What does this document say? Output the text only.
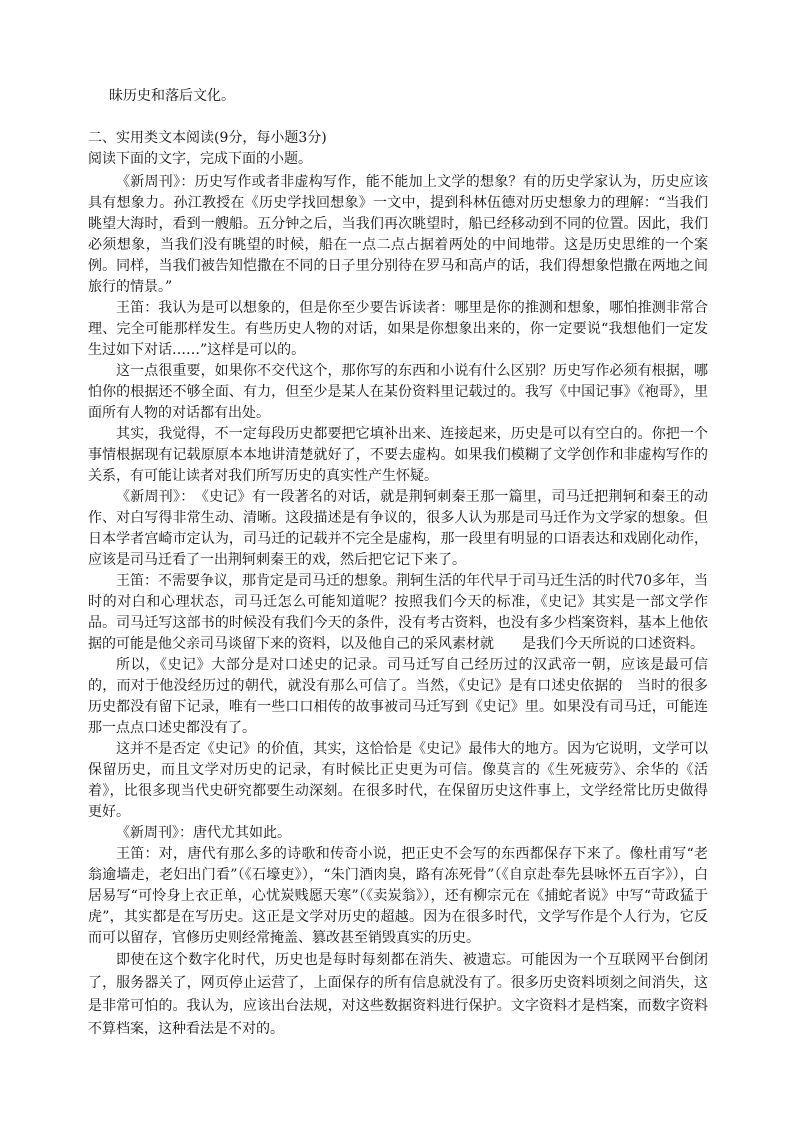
昧历史和落后文化。

二、实用类文本阅读(9分，每小题3分)

阅读下面的文字，完成下面的小题。

《新周刊》：历史写作或者非虚构写作，能不能加上文学的想象？有的历史学家认为，历史应该具有想象力。孙江教授在《历史学找回想象》一文中，提到科林伍德对历史想象力的理解：“当我们眺望大海时，看到一艘船。五分钟之后，当我们再次眺望时，船已经移动到不同的位置。因此，我们必须想象，当我们没有眺望的时候，船在一点二点占据着两处的中间地带。这是历史思维的一个案例。同样，当我们被告知恺撒在不同的日子里分别待在罗马和高卢的话，我们得想象恺撒在两地之间旅行的情景。”

王笛：我认为是可以想象的，但是你至少要告诉读者：哪里是你的推测和想象，哪怕推测非常合理、完全可能那样发生。有些历史人物的对话，如果是你想象出来的，你一定要说“我想他们一定发生过如下对话……”这样是可以的。

这一点很重要，如果你不交代这个，那你写的东西和小说有什么区别？历史写作必须有根据，哪怕你的根据还不够全面、有力，但至少是某人在某份资料里记载过的。我写《中国记事》《袍哥》，里面所有人物的对话都有出处。

其实，我觉得，不一定每段历史都要把它填补出来、连接起来，历史是可以有空白的。你把一个事情根据现有记载原原本本地讲清楚就好了，不要去虚构。如果我们模糊了文学创作和非虚构写作的关系，有可能让读者对我们所写历史的真实性产生怀疑。

《新周刊》：　《史记》有一段著名的对话，就是荆轲刺秦王那一篇里，司马迁把荆轲和秦王的动作、对白写得非常生动、清晰。这段描述是有争议的，很多人认为那是司马迁作为文学家的想象。但日本学者宫崎市定认为，司马迁的记载并不完全是虚构，那一段里有明显的口语表达和戏剧化动作，应该是司马迁看了一出荆轲刺秦王的戏，然后把它记下来了。

王笛：不需要争议，那肯定是司马迁的想象。荆轲生活的年代早于司马迁生活的时代70多年，当时的对白和心理状态，司马迁怎么可能知道呢？按照我们今天的标准，《史记》其实是一部文学作品。司马迁写这部书的时候没有我们今天的条件，没有考古资料，也没有多少档案资料，基本上他依据的可能是他父亲司马谈留下来的资料，以及他自己的采风素材就　　是我们今天所说的口述资料。

所以，《史记》大部分是对口述史的记录。司马迁写自己经历过的汉武帝一朝，应该是最可信的，而对于他没经历过的朝代，就没有那么可信了。当然，《史记》是有口述史依据的　当时的很多历史都没有留下记录，唯有一些口口相传的故事被司马迁写到《史记》里。如果没有司马迁，可能连那一点点口述史都没有了。

这并不是否定《史记》的价值，其实，这恰恰是《史记》最伟大的地方。因为它说明，文学可以保留历史，而且文学对历史的记录，有时候比正史更为可信。像莫言的《生死疲劳》、余华的《活着》，比很多现当代史研究都要生动深刻。在很多时代，在保留历史这件事上，文学经常比历史做得更好。

《新周刊》：唐代尤其如此。

王笛：对，唐代有那么多的诗歌和传奇小说，把正史不会写的东西都保存下来了。像杜甫写“老翁逾墙走，老妇出门看”（《石壕吏》），“朱门酒肉臭，路有冻死骨”（《自京赴奉先县咏怀五百字》），白居易写“可怜身上衣正单，心忧炭贱愿天寒”（《卖炭翁》），还有柳宗元在《捕蛇者说》中写“苛政猛于虎”，其实都是在写历史。这正是文学对历史的超越。因为在很多时代，文学写作是个人行为，它反而可以留存，官修历史则经常掩盖、篡改甚至销毁真实的历史。

即使在这个数字化时代，历史也是每时每刻都在消失、被遗忘。可能因为一个互联网平台倒闭了，服务器关了，网页停止运营了，上面保存的所有信息就没有了。很多历史资料顷刻之间消失，这是非常可怕的。我认为，应该出台法规，对这些数据资料进行保护。文字资料才是档案，而数字资料不算档案，这种看法是不对的。
